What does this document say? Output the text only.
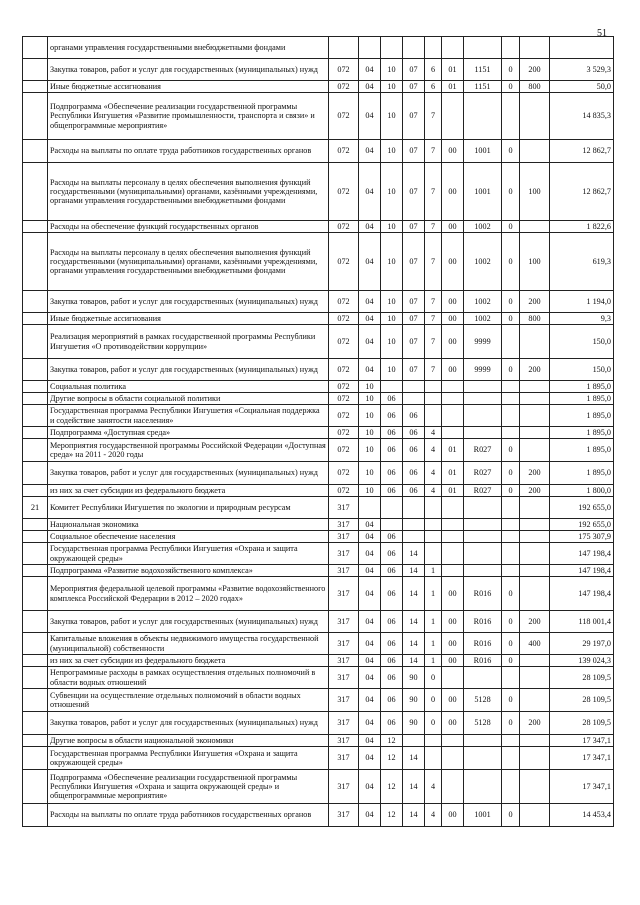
51
	органами управления государственными внебюджетными фондами										
	Закупка товаров, работ и услуг для государственных (муниципальных) нужд	072	04	10	07	6	01	1151	0	200	3 529,3
	Иные бюджетные ассигнования	072	04	10	07	6	01	1151	0	800	50,0
	Подпрограмма «Обеспечение реализации государственной программы Республики Ингушетия «Развитие промышленности, транспорта и связи» и общепрограммные мероприятия»	072	04	10	07	7					14 835,3
	Расходы на выплаты по оплате труда работников государственных органов	072	04	10	07	7	00	1001	0		12 862,7
	Расходы на выплаты персоналу в целях обеспечения выполнения функций государственными (муниципальными) органами, казёнными учреждениями, органами управления государственными внебюджетными фондами	072	04	10	07	7	00	1001	0	100	12 862,7
	Расходы на обеспечение функций государственных органов	072	04	10	07	7	00	1002	0		1 822,6
	Расходы на выплаты персоналу в целях обеспечения выполнения функций государственными (муниципальными) органами, казёнными учреждениями, органами управления государственными внебюджетными фондами	072	04	10	07	7	00	1002	0	100	619,3
	Закупка товаров, работ и услуг для государственных (муниципальных) нужд	072	04	10	07	7	00	1002	0	200	1 194,0
	Иные бюджетные ассигнования	072	04	10	07	7	00	1002	0	800	9,3
	Реализация мероприятий в рамках государственной программы Республики Ингушетия «О противодействии коррупции»	072	04	10	07	7	00	9999			150,0
	Закупка товаров, работ и услуг для государственных (муниципальных) нужд	072	04	10	07	7	00	9999	0	200	150,0
	Социальная политика	072	10								1 895,0
	Другие вопросы в области социальной политики	072	10	06							1 895,0
	Государственная программа Республики Ингушетия «Социальная поддержка и содействие занятости населения»	072	10	06	06						1 895,0
	Подпрограмма «Доступная среда»	072	10	06	06	4					1 895,0
	Мероприятия государственной программы Российской Федерации «Доступная среда» на 2011 - 2020 годы	072	10	06	06	4	01	R027	0		1 895,0
	Закупка товаров, работ и услуг для государственных (муниципальных) нужд	072	10	06	06	4	01	R027	0	200	1 895,0
	из них за счет субсидии из федерального бюджета	072	10	06	06	4	01	R027	0	200	1 800,0
21	Комитет Республики Ингушетия по экологии и природным ресурсам	317									192 655,0
	Национальная экономика	317	04								192 655,0
	Социальное обеспечение населения	317	04	06							175 307,9
	Государственная программа Республики Ингушетия «Охрана и защита окружающей среды»	317	04	06	14						147 198,4
	Подпрограмма «Развитие водохозяйственного комплекса»	317	04	06	14	1					147 198,4
	Мероприятия федеральной целевой программы «Развитие водохозяйственного комплекса Российской Федерации в 2012 – 2020 годах»	317	04	06	14	1	00	R016	0		147 198,4
	Закупка товаров, работ и услуг для государственных (муниципальных) нужд	317	04	06	14	1	00	R016	0	200	118 001,4
	Капитальные вложения в объекты недвижимого имущества государственной (муниципальной) собственности	317	04	06	14	1	00	R016	0	400	29 197,0
	из них за счет субсидии из федерального бюджета	317	04	06	14	1	00	R016	0		139 024,3
	Непрограммные расходы в рамках осуществления отдельных полномочий в области водных отношений	317	04	06	90	0					28 109,5
	Субвенции на осуществление отдельных полномочий в области водных отношений	317	04	06	90	0	00	5128	0		28 109,5
	Закупка товаров, работ и услуг для государственных (муниципальных) нужд	317	04	06	90	0	00	5128	0	200	28 109,5
	Другие вопросы в области национальной экономики	317	04	12							17 347,1
	Государственная программа Республики Ингушетия «Охрана и защита окружающей среды»	317	04	12	14						17 347,1
	Подпрограмма «Обеспечение реализации государственной программы Республики Ингушетия «Охрана и защита окружающей среды» и общепрограммные мероприятия»	317	04	12	14	4					17 347,1
	Расходы на выплаты по оплате труда работников государственных органов	317	04	12	14	4	00	1001	0		14 453,4
